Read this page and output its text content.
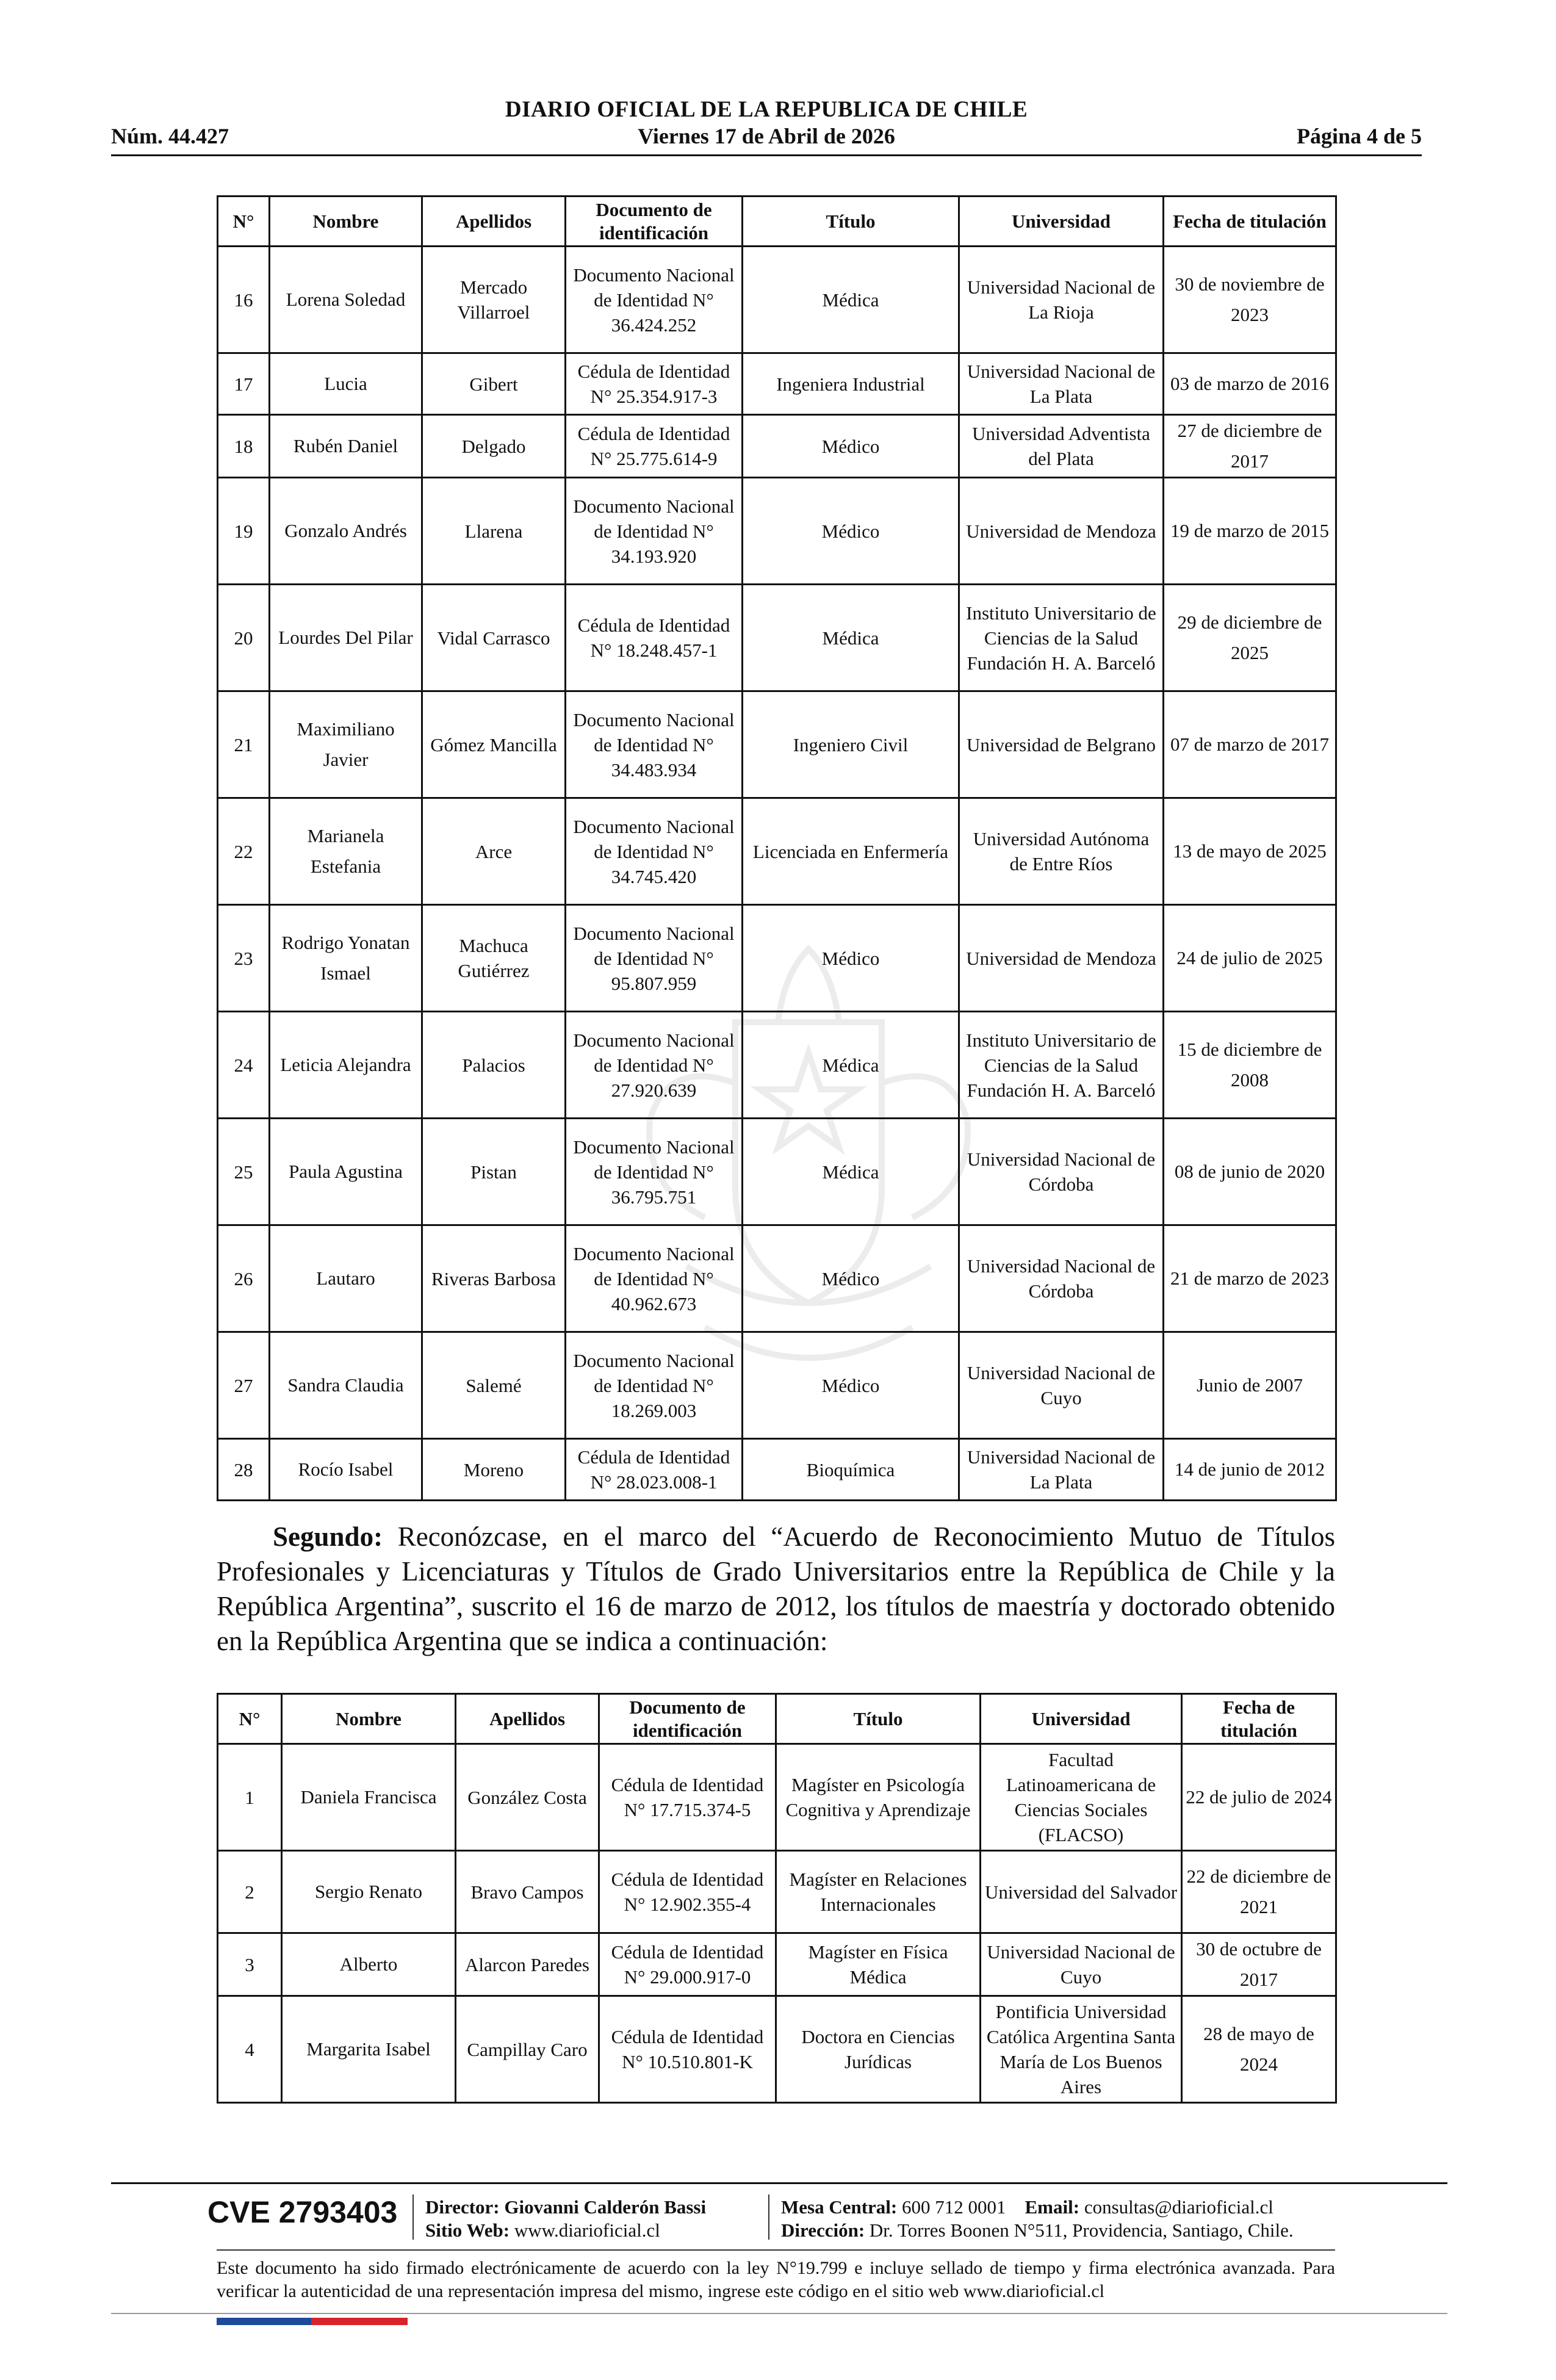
DIARIO OFICIAL DE LA REPUBLICA DE CHILE
Núm. 44.427	Viernes 17 de Abril de 2026	Página 4 de 5
N°	Nombre	Apellidos	Documento de identificación	Título	Universidad	Fecha de titulación
16	Lorena Soledad	Mercado Villarroel	Documento Nacional de Identidad N° 36.424.252	Médica	Universidad Nacional de La Rioja	30 de noviembre de 2023
17	Lucia	Gibert	Cédula de Identidad N° 25.354.917-3	Ingeniera Industrial	Universidad Nacional de La Plata	03 de marzo de 2016
18	Rubén Daniel	Delgado	Cédula de Identidad N° 25.775.614-9	Médico	Universidad Adventista del Plata	27 de diciembre de 2017
19	Gonzalo Andrés	Llarena	Documento Nacional de Identidad N° 34.193.920	Médico	Universidad de Mendoza	19 de marzo de 2015
20	Lourdes Del Pilar	Vidal Carrasco	Cédula de Identidad N° 18.248.457-1	Médica	Instituto Universitario de Ciencias de la Salud Fundación H. A. Barceló	29 de diciembre de 2025
21	Maximiliano Javier	Gómez Mancilla	Documento Nacional de Identidad N° 34.483.934	Ingeniero Civil	Universidad de Belgrano	07 de marzo de 2017
22	Marianela Estefania	Arce	Documento Nacional de Identidad N° 34.745.420	Licenciada en Enfermería	Universidad Autónoma de Entre Ríos	13 de mayo de 2025
23	Rodrigo Yonatan Ismael	Machuca Gutiérrez	Documento Nacional de Identidad N° 95.807.959	Médico	Universidad de Mendoza	24 de julio de 2025
24	Leticia Alejandra	Palacios	Documento Nacional de Identidad N° 27.920.639	Médica	Instituto Universitario de Ciencias de la Salud Fundación H. A. Barceló	15 de diciembre de 2008
25	Paula Agustina	Pistan	Documento Nacional de Identidad N° 36.795.751	Médica	Universidad Nacional de Córdoba	08 de junio de 2020
26	Lautaro	Riveras Barbosa	Documento Nacional de Identidad N° 40.962.673	Médico	Universidad Nacional de Córdoba	21 de marzo de 2023
27	Sandra Claudia	Salemé	Documento Nacional de Identidad N° 18.269.003	Médico	Universidad Nacional de Cuyo	Junio de 2007
28	Rocío Isabel	Moreno	Cédula de Identidad N° 28.023.008-1	Bioquímica	Universidad Nacional de La Plata	14 de junio de 2012
Segundo: Reconózcase, en el marco del “Acuerdo de Reconocimiento Mutuo de Títulos Profesionales y Licenciaturas y Títulos de Grado Universitarios entre la República de Chile y la República Argentina”, suscrito el 16 de marzo de 2012, los títulos de maestría y doctorado obtenido en la República Argentina que se indica a continuación:
N°	Nombre	Apellidos	Documento de identificación	Título	Universidad	Fecha de titulación
1	Daniela Francisca	González Costa	Cédula de Identidad N° 17.715.374-5	Magíster en Psicología Cognitiva y Aprendizaje	Facultad Latinoamericana de Ciencias Sociales (FLACSO)	22 de julio de 2024
2	Sergio Renato	Bravo Campos	Cédula de Identidad N° 12.902.355-4	Magíster en Relaciones Internacionales	Universidad del Salvador	22 de diciembre de 2021
3	Alberto	Alarcon Paredes	Cédula de Identidad N° 29.000.917-0	Magíster en Física Médica	Universidad Nacional de Cuyo	30 de octubre de 2017
4	Margarita Isabel	Campillay Caro	Cédula de Identidad N° 10.510.801-K	Doctora en Ciencias Jurídicas	Pontificia Universidad Católica Argentina Santa María de Los Buenos Aires	28 de mayo de 2024
CVE 2793403 Director: Giovanni Calderón Bassi
Sitio Web: www.diarioficial.cl
Mesa Central: 600 712 0001 Email: consultas@diarioficial.cl
Dirección: Dr. Torres Boonen N°511, Providencia, Santiago, Chile.
Este documento ha sido firmado electrónicamente de acuerdo con la ley N°19.799 e incluye sellado de tiempo y firma electrónica avanzada. Para verificar la autenticidad de una representación impresa del mismo, ingrese este código en el sitio web www.diarioficial.cl
